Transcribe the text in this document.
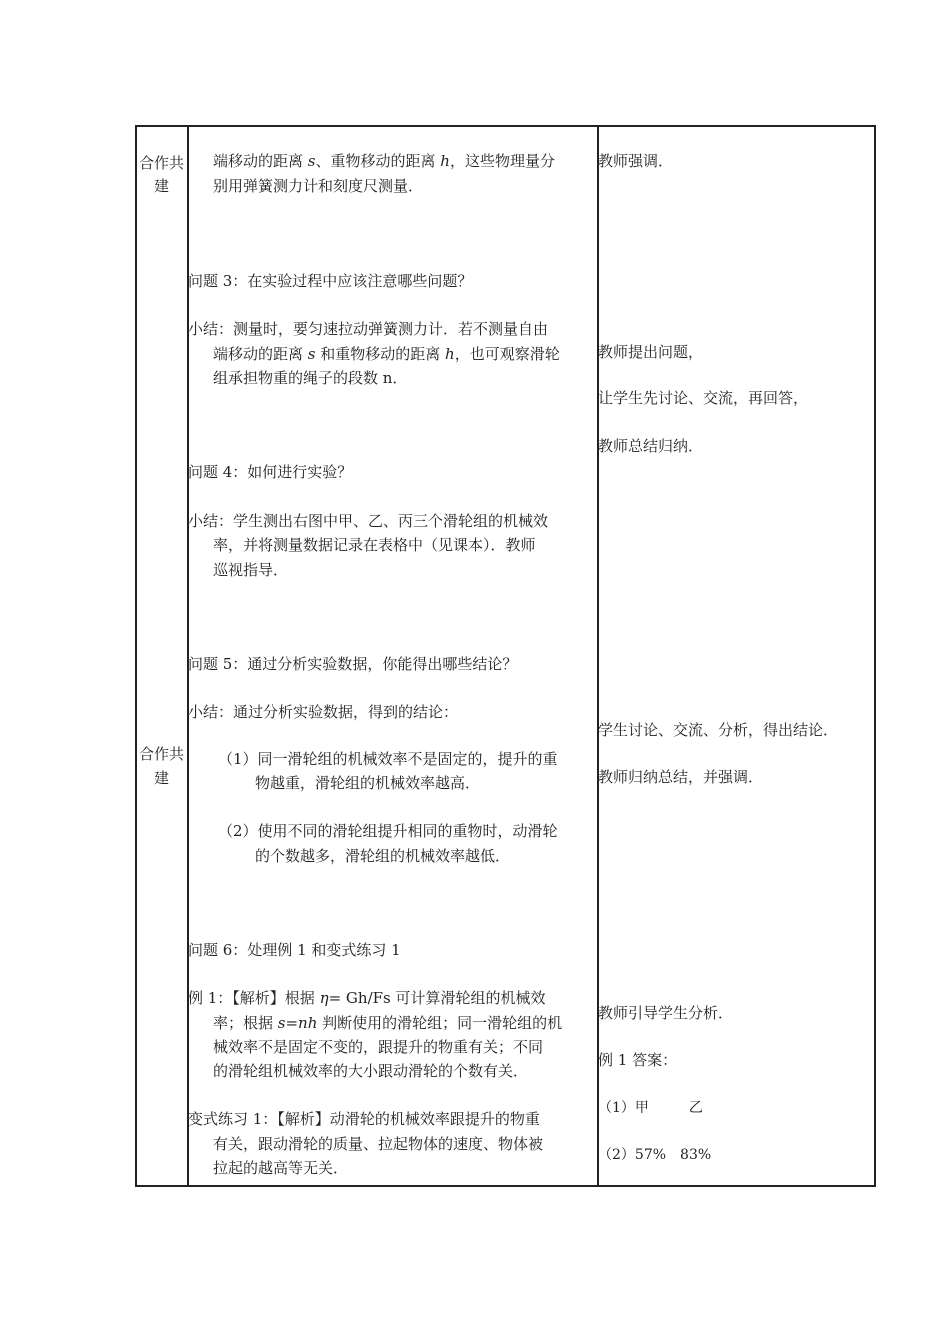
合作共
建
合作共
建
端移动的距离 s、重物移动的距离 h，这些物理量分
别用弹簧测力计和刻度尺测量．
问题 3：在实验过程中应该注意哪些问题？
小结：测量时，要匀速拉动弹簧测力计．若不测量自由
端移动的距离 s 和重物移动的距离 h，也可观察滑轮
组承担物重的绳子的段数 n．
问题 4：如何进行实验？
小结：学生测出右图中甲、乙、丙三个滑轮组的机械效
率，并将测量数据记录在表格中（见课本）．教师
巡视指导．
问题 5：通过分析实验数据，你能得出哪些结论？
小结：通过分析实验数据，得到的结论：
（1）同一滑轮组的机械效率不是固定的，提升的重
物越重，滑轮组的机械效率越高．
（2）使用不同的滑轮组提升相同的重物时，动滑轮
的个数越多，滑轮组的机械效率越低．
问题 6：处理例 1 和变式练习 1
例 1：【解析】根据 η= Gh/Fs 可计算滑轮组的机械效
率；根据 s=nh 判断使用的滑轮组；同一滑轮组的机
械效率不是固定不变的，跟提升的物重有关；不同
的滑轮组机械效率的大小跟动滑轮的个数有关．
变式练习 1：【解析】动滑轮的机械效率跟提升的物重
有关，跟动滑轮的质量、拉起物体的速度、物体被
拉起的越高等无关．
教师强调．
教师提出问题，
让学生先讨论、交流，再回答，
教师总结归纳．
学生讨论、交流、分析，得出结论．
教师归纳总结，并强调．
教师引导学生分析．
例 1 答案：
（1）甲	乙
（2）57% 83%
